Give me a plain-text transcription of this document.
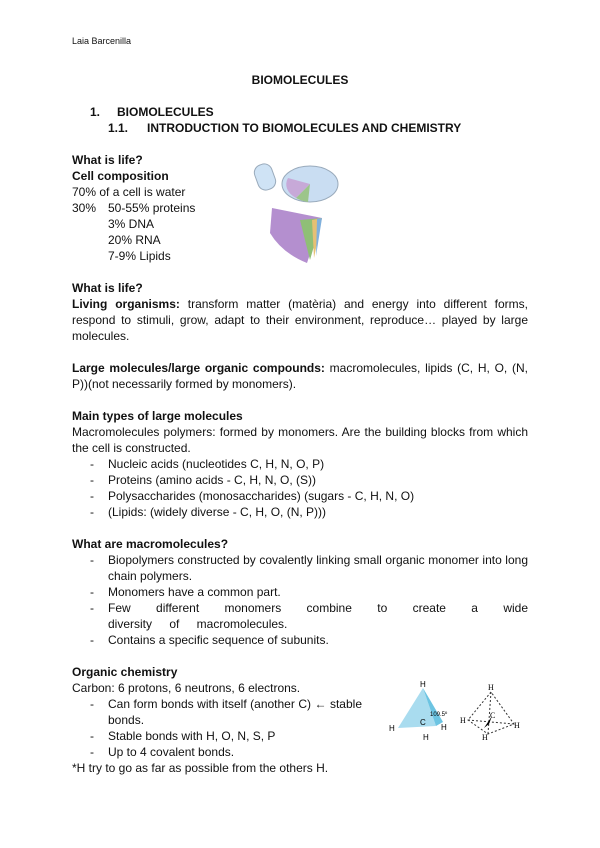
Laia Barcenilla
BIOMOLECULES

1. BIOMOLECULES

1.1. INTRODUCTION TO BIOMOLECULES AND CHEMISTRY

What is life?

Cell composition

70% of a cell is water

30% 50-55% proteins

3% DNA

20% RNA

7-9% Lipids

What is life?

Living organisms: transform matter (matèria) and energy into different forms, respond to stimuli, grow, adapt to their environment, reproduce… played by large molecules.

Large molecules/large organic compounds: macromolecules, lipids (C, H, O, (N, P))(not necessarily formed by monomers).

Main types of large molecules

Macromolecules polymers: formed by monomers. Are the building blocks from which the cell is constructed.

- Nucleic acids (nucleotides C, H, N, O, P)
- Proteins (amino acids - C, H, N, O, (S))
- Polysaccharides (monosaccharides) (sugars - C, H, N, O)
- (Lipids: (widely diverse - C, H, O, (N, P)))

What are macromolecules?

- Biopolymers constructed by covalently linking small organic monomer into long chain polymers.
- Monomers have a common part.
- Few different monomers combine to create a wide diversity of macromolecules.
- Contains a specific sequence of subunits.

Organic chemistry

Carbon: 6 protons, 6 neutrons, 6 electrons.

- Can form bonds with itself (another C) ← stable bonds.
- Stable bonds with H, O, N, S, P
- Up to 4 covalent bonds.

*H try to go as far as possible from the others H.

H
H	H
H
C
109.5º
H
H
H
H
C
